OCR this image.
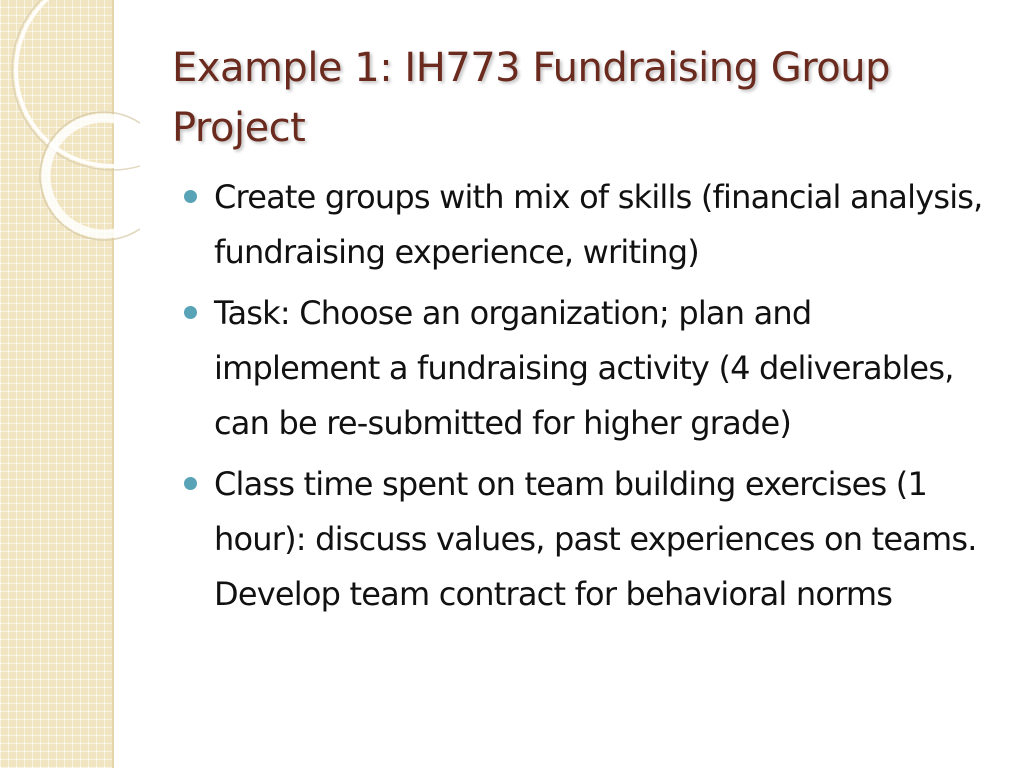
Example 1: IH773 Fundraising Group Project
Create groups with mix of skills (financial analysis, fundraising experience, writing)
Task: Choose an organization; plan and implement a fundraising activity (4 deliverables, can be re-submitted for higher grade)
Class time spent on team building exercises (1 hour): discuss values, past experiences on teams. Develop team contract for behavioral norms
